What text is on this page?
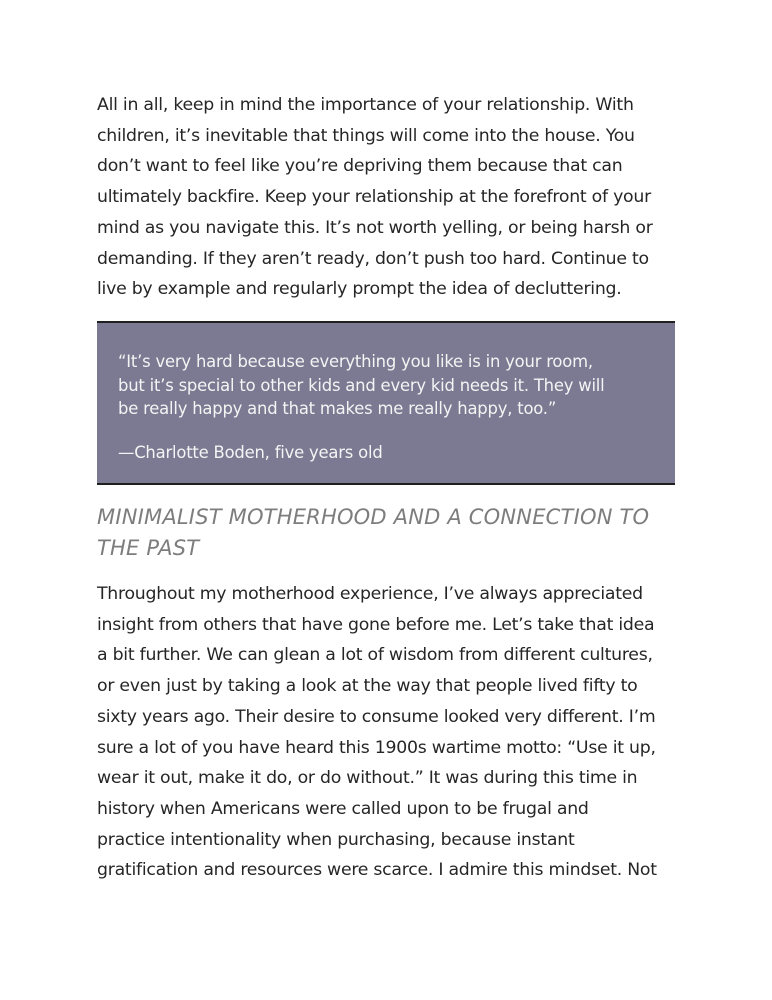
All in all, keep in mind the importance of your relationship. With
children, it’s inevitable that things will come into the house. You
don’t want to feel like you’re depriving them because that can
ultimately backfire. Keep your relationship at the forefront of your
mind as you navigate this. It’s not worth yelling, or being harsh or
demanding. If they aren’t ready, don’t push too hard. Continue to
live by example and regularly prompt the idea of decluttering.

“It’s very hard because everything you like is in your room,
but it’s special to other kids and every kid needs it. They will
be really happy and that makes me really happy, too.”

—Charlotte Boden, five years old

MINIMALIST MOTHERHOOD AND A CONNECTION TO
THE PAST

Throughout my motherhood experience, I’ve always appreciated
insight from others that have gone before me. Let’s take that idea
a bit further. We can glean a lot of wisdom from different cultures,
or even just by taking a look at the way that people lived fifty to
sixty years ago. Their desire to consume looked very different. I’m
sure a lot of you have heard this 1900s wartime motto: “Use it up,
wear it out, make it do, or do without.” It was during this time in
history when Americans were called upon to be frugal and
practice intentionality when purchasing, because instant
gratification and resources were scarce. I admire this mindset. Not
